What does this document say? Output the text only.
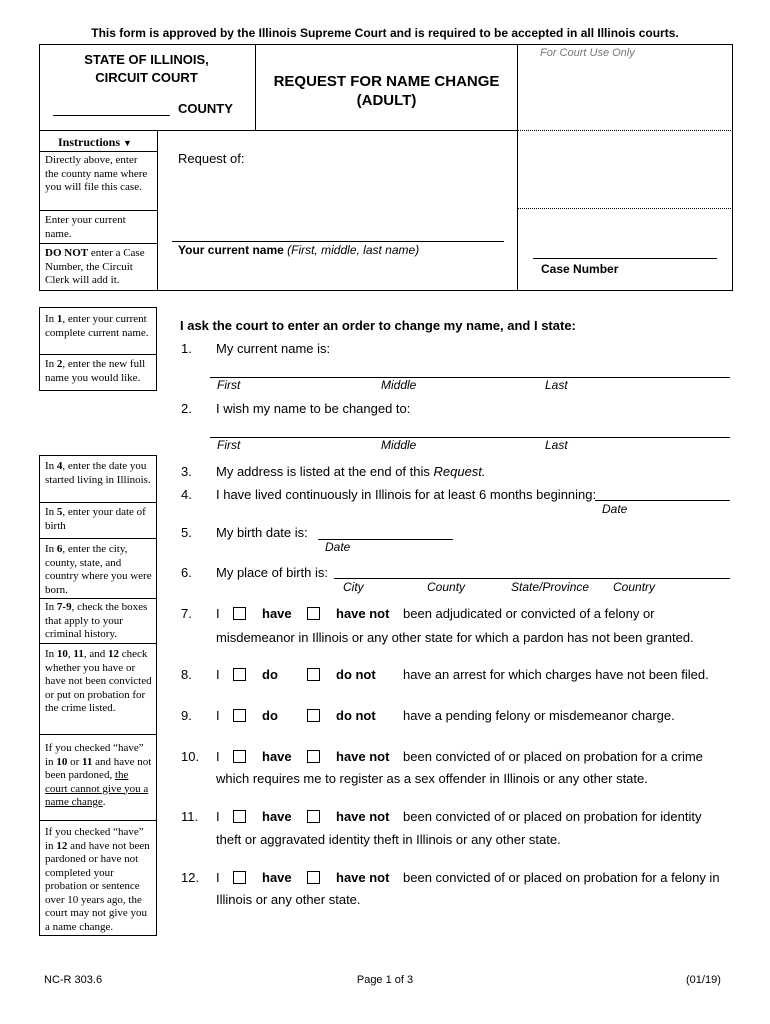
This form is approved by the Illinois Supreme Court and is required to be accepted in all Illinois courts.
STATE OF ILLINOIS,
CIRCUIT COURT
COUNTY
REQUEST FOR NAME CHANGE
(ADULT)
For Court Use Only
Instructions ▼
Directly above, enter the county name where you will file this case.
Enter your current name.
DO NOT enter a Case Number, the Circuit Clerk will add it.
Request of:
Your current name (First, middle, last name)
Case Number
In 1, enter your current complete current name.
In 2, enter the new full name you would like.
In 4, enter the date you started living in Illinois.
In 5, enter your date of birth
In 6, enter the city, county, state, and country where you were born.
In 7-9, check the boxes that apply to your criminal history.
In 10, 11, and 12 check whether you have or have not been convicted or put on probation for the crime listed.
If you checked “have” in 10 or 11 and have not been pardoned, the court cannot give you a name change.
If you checked “have” in 12 and have not been pardoned or have not completed your probation or sentence over 10 years ago, the court may not give you a name change.
I ask the court to enter an order to change my name, and I state:
1. My current name is:
First	Middle	Last
2. I wish my name to be changed to:
First	Middle	Last
3. My address is listed at the end of this Request.
4. I have lived continuously in Illinois for at least 6 months beginning:
Date
5. My birth date is:
Date
6. My place of birth is:
City	County	State/Province Country
7. I	have	have not been adjudicated or convicted of a felony or
misdemeanor in Illinois or any other state for which a pardon has not been granted.
8. I	do	do not have an arrest for which charges have not been filed.
9. I	do	do not have a pending felony or misdemeanor charge.
10. I	have	have not been convicted of or placed on probation for a crime
which requires me to register as a sex offender in Illinois or any other state.
11. I	have	have not been convicted of or placed on probation for identity
theft or aggravated identity theft in Illinois or any other state.
12. I	have	have not been convicted of or placed on probation for a felony in
Illinois or any other state.
NC-R 303.6	Page 1 of 3	(01/19)
